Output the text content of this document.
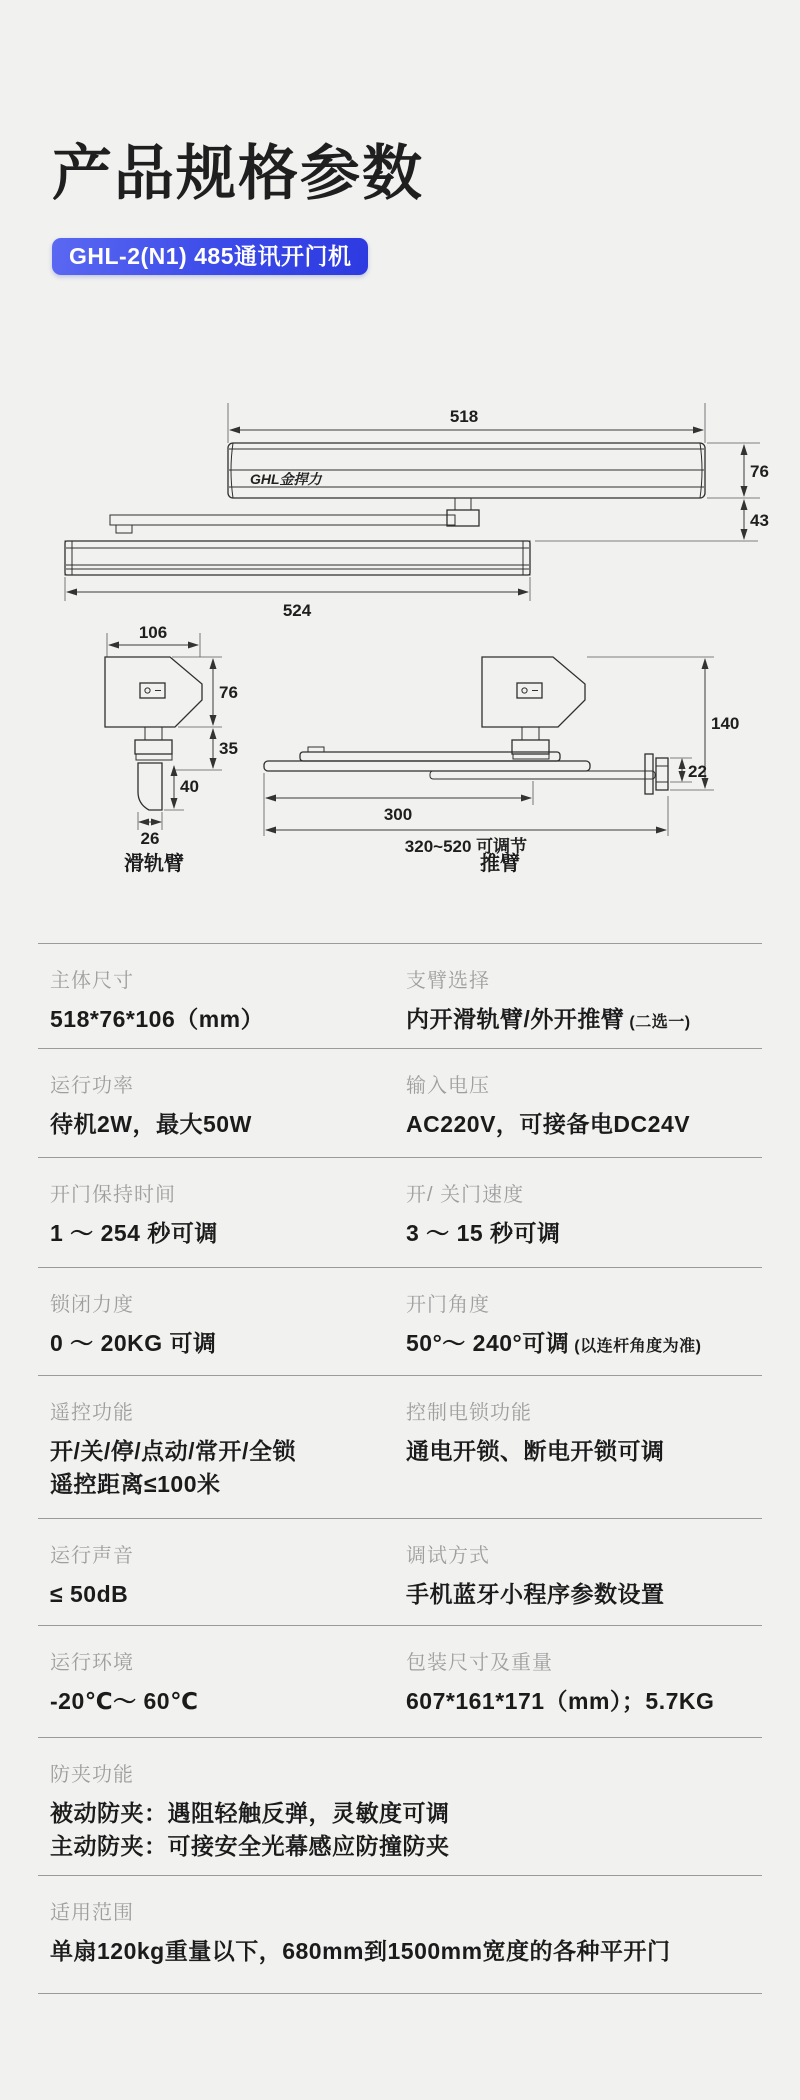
产品规格参数
GHL-2(N1) 485通讯开门机
518
GHL金捍力	76
43
524
106
76
35
40
26
滑轨臂
140
22
300
320~520 可调节
推臂
主体尺寸
518*76*106（mm）
支臂选择
内开滑轨臂/外开推臂 (二选一)
运行功率
待机2W，最大50W
输入电压
AC220V，可接备电DC24V
开门保持时间
1 ～ 254 秒可调
开/ 关门速度
3 ～ 15 秒可调
锁闭力度
0 ～ 20KG 可调
开门角度
50°～ 240°可调 (以连杆角度为准)
遥控功能
开/关/停/点动/常开/全锁
遥控距离≤100米
控制电锁功能
通电开锁、断电开锁可调
运行声音
≤ 50dB
调试方式
手机蓝牙小程序参数设置
运行环境
-20℃～ 60℃
包装尺寸及重量
607*161*171（mm）；5.7KG
防夹功能
被动防夹：遇阻轻触反弹，灵敏度可调
主动防夹：可接安全光幕感应防撞防夹
适用范围
单扇120kg重量以下，680mm到1500mm宽度的各种平开门
